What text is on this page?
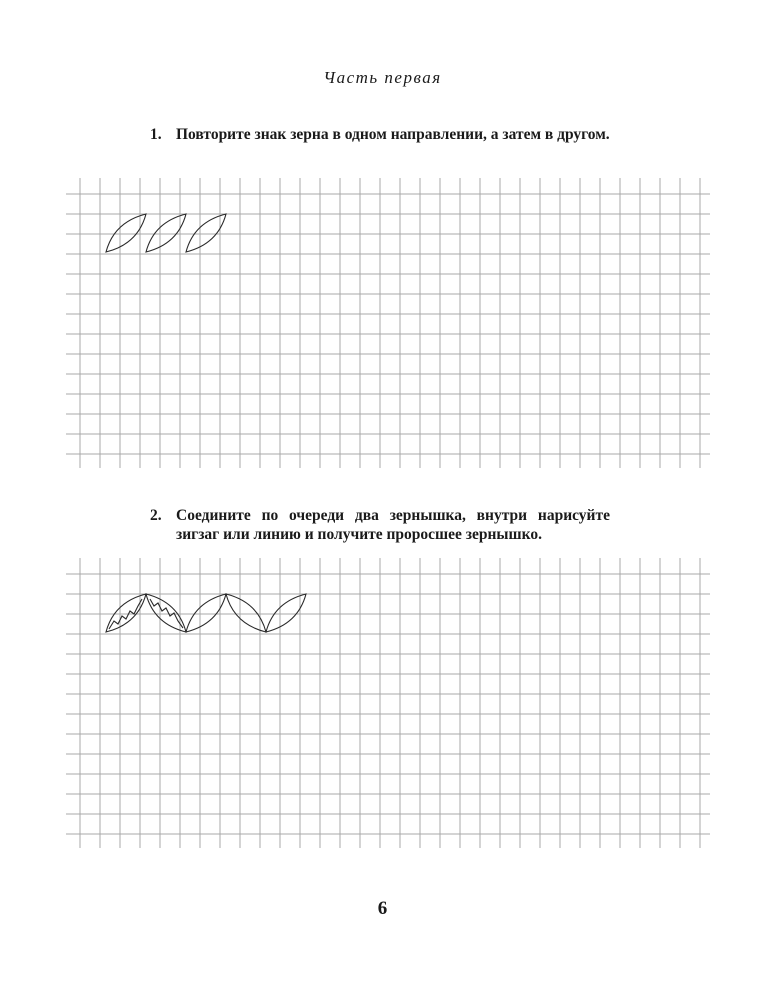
Часть первая
1. Повторите знак зерна в одном направлении, а затем в другом.
2. Соедините по очереди два зернышка, внутри нарисуйте зигзаг или линию и получите проросшее зернышко.
6
